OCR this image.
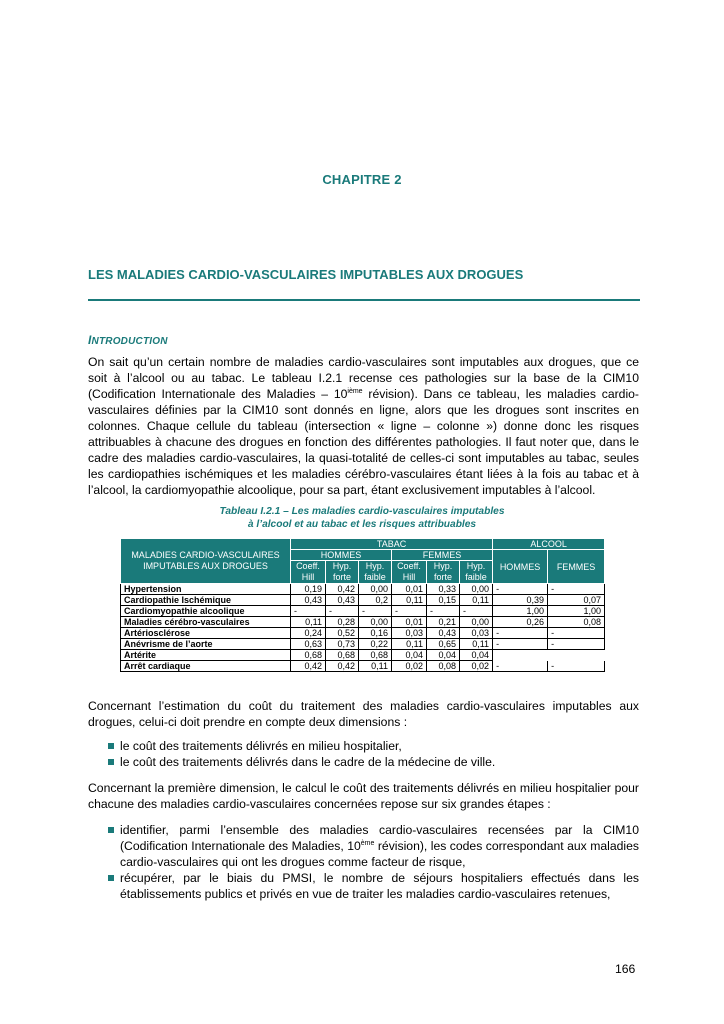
CHAPITRE 2
LES MALADIES CARDIO-VASCULAIRES IMPUTABLES AUX DROGUES
INTRODUCTION

On sait qu’un certain nombre de maladies cardio-vasculaires sont imputables aux drogues, que ce soit à l’alcool ou au tabac. Le tableau I.2.1 recense ces pathologies sur la base de la CIM10 (Codification Internationale des Maladies – 10ième révision). Dans ce tableau, les maladies cardio-vasculaires définies par la CIM10 sont donnés en ligne, alors que les drogues sont inscrites en colonnes. Chaque cellule du tableau (intersection « ligne – colonne ») donne donc les risques attribuables à chacune des drogues en fonction des différentes pathologies. Il faut noter que, dans le cadre des maladies cardio-vasculaires, la quasi-totalité de celles-ci sont imputables au tabac, seules les cardiopathies ischémiques et les maladies cérébro-vasculaires étant liées à la fois au tabac et à l’alcool, la cardiomyopathie alcoolique, pour sa part, étant exclusivement imputables à l’alcool.

Tableau I.2.1 – Les maladies cardio-vasculaires imputables
à l’alcool et au tabac et les risques attribuables
MALADIES CARDIO-VASCULAIRES IMPUTABLES AUX DROGUES	TABAC						ALCOOL	
	HOMMES			FEMMES			HOMMES	FEMMES
	Coeff. Hill	Hyp. forte	Hyp. faible	Coeff. Hill	Hyp. forte	Hyp. faible		
Hypertension	0,19	0,42	0,00	0,01	0,33	0,00	-	-
Cardiopathie Ischémique	0,43	0,43	0,2	0,11	0,15	0,11	0,39	0,07
Cardiomyopathie alcoolique	-	-	-	-	-	-	1,00	1,00
Maladies cérébro-vasculaires	0,11	0,28	0,00	0,01	0,21	0,00	0,26	0,08
Artériosclérose	0,24	0,52	0,16	0,03	0,43	0,03	-	-
Anévrisme de l’aorte	0,63	0,73	0,22	0,11	0,65	0,11	-	-
Artérite	0,68	0,68	0,68	0,04	0,04	0,04		
Arrêt cardiaque	0,42	0,42	0,11	0,02	0,08	0,02	-	-

Concernant l’estimation du coût du traitement des maladies cardio-vasculaires imputables aux drogues, celui-ci doit prendre en compte deux dimensions :

le coût des traitements délivrés en milieu hospitalier,
le coût des traitements délivrés dans le cadre de la médecine de ville.

Concernant la première dimension, le calcul le coût des traitements délivrés en milieu hospitalier pour chacune des maladies cardio-vasculaires concernées repose sur six grandes étapes :

identifier, parmi l’ensemble des maladies cardio-vasculaires recensées par la CIM10 (Codification Internationale des Maladies, 10ème révision), les codes correspondant aux maladies cardio-vasculaires qui ont les drogues comme facteur de risque,
récupérer, par le biais du PMSI, le nombre de séjours hospitaliers effectués dans les établissements publics et privés en vue de traiter les maladies cardio-vasculaires retenues,
166
